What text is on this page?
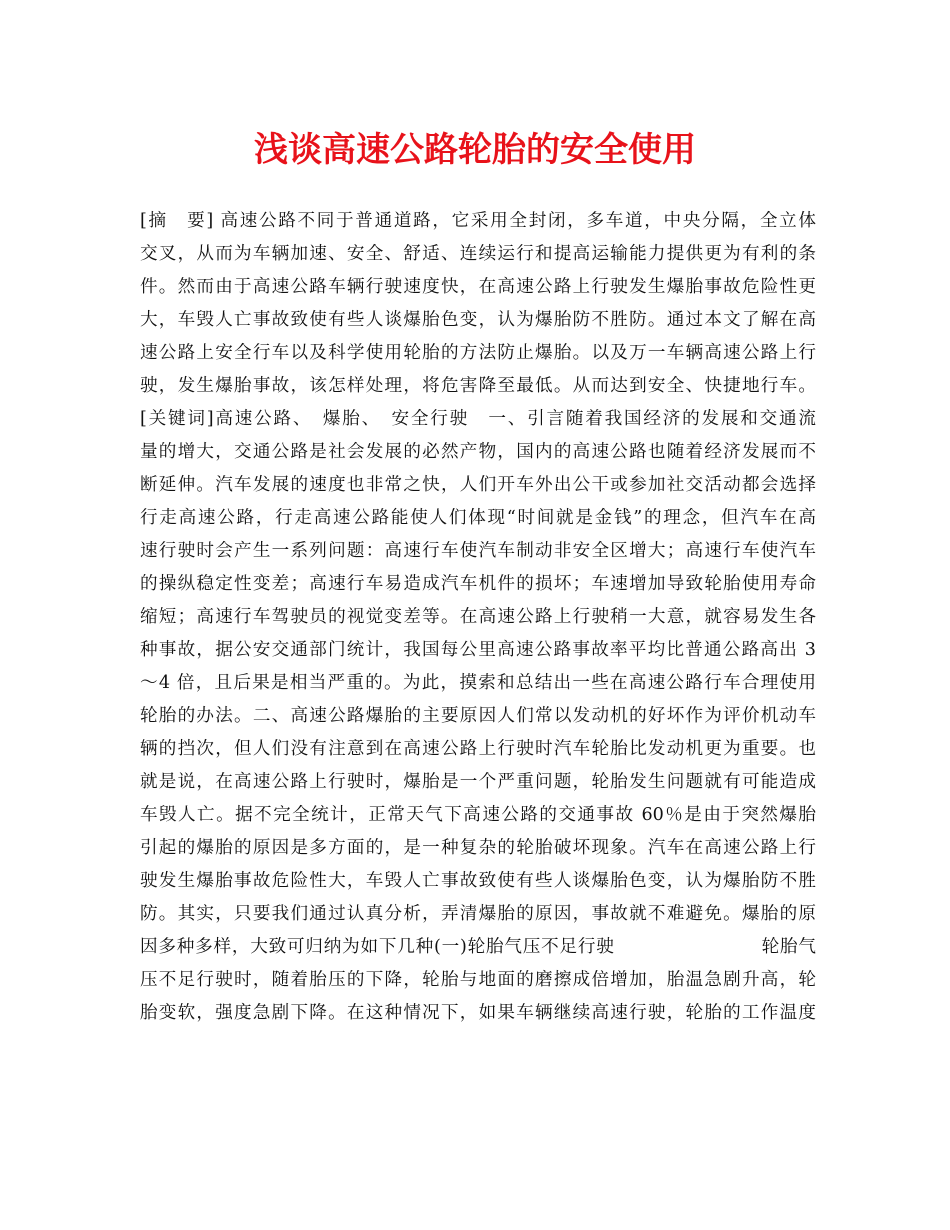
浅谈高速公路轮胎的安全使用
[摘　要] 高速公路不同于普通道路，它采用全封闭，多车道，中央分隔，全立体
交叉，从而为车辆加速、安全、舒适、连续运行和提高运输能力提供更为有利的条
件。然而由于高速公路车辆行驶速度快，在高速公路上行驶发生爆胎事故危险性更
大，车毁人亡事故致使有些人谈爆胎色变，认为爆胎防不胜防。通过本文了解在高
速公路上安全行车以及科学使用轮胎的方法防止爆胎。以及万一车辆高速公路上行
驶，发生爆胎事故，该怎样处理，将危害降至最低。从而达到安全、快捷地行车。
[关键词]高速公路、　爆胎、　安全行驶　一、引言随着我国经济的发展和交通流
量的增大，交通公路是社会发展的必然产物，国内的高速公路也随着经济发展而不
断延伸。汽车发展的速度也非常之快，人们开车外出公干或参加社交活动都会选择
行走高速公路，行走高速公路能使人们体现“时间就是金钱”的理念，但汽车在高
速行驶时会产生一系列问题：高速行车使汽车制动非安全区增大；高速行车使汽车
的操纵稳定性变差；高速行车易造成汽车机件的损坏；车速增加导致轮胎使用寿命
缩短；高速行车驾驶员的视觉变差等。在高速公路上行驶稍一大意，就容易发生各
种事故，据公安交通部门统计，我国每公里高速公路事故率平均比普通公路高出 3
～4 倍，且后果是相当严重的。为此，摸索和总结出一些在高速公路行车合理使用
轮胎的办法。二、高速公路爆胎的主要原因人们常以发动机的好坏作为评价机动车
辆的挡次，但人们没有注意到在高速公路上行驶时汽车轮胎比发动机更为重要。也
就是说，在高速公路上行驶时，爆胎是一个严重问题，轮胎发生问题就有可能造成
车毁人亡。据不完全统计，正常天气下高速公路的交通事故 60％是由于突然爆胎
引起的爆胎的原因是多方面的，是一种复杂的轮胎破坏现象。汽车在高速公路上行
驶发生爆胎事故危险性大，车毁人亡事故致使有些人谈爆胎色变，认为爆胎防不胜
防。其实，只要我们通过认真分析，弄清爆胎的原因，事故就不难避免。爆胎的原
因多种多样，大致可归纳为如下几种(一)轮胎气压不足行驶　　　　　　　　轮胎气
压不足行驶时，随着胎压的下降，轮胎与地面的磨擦成倍增加，胎温急剧升高，轮
胎变软，强度急剧下降。在这种情况下，如果车辆继续高速行驶，轮胎的工作温度
